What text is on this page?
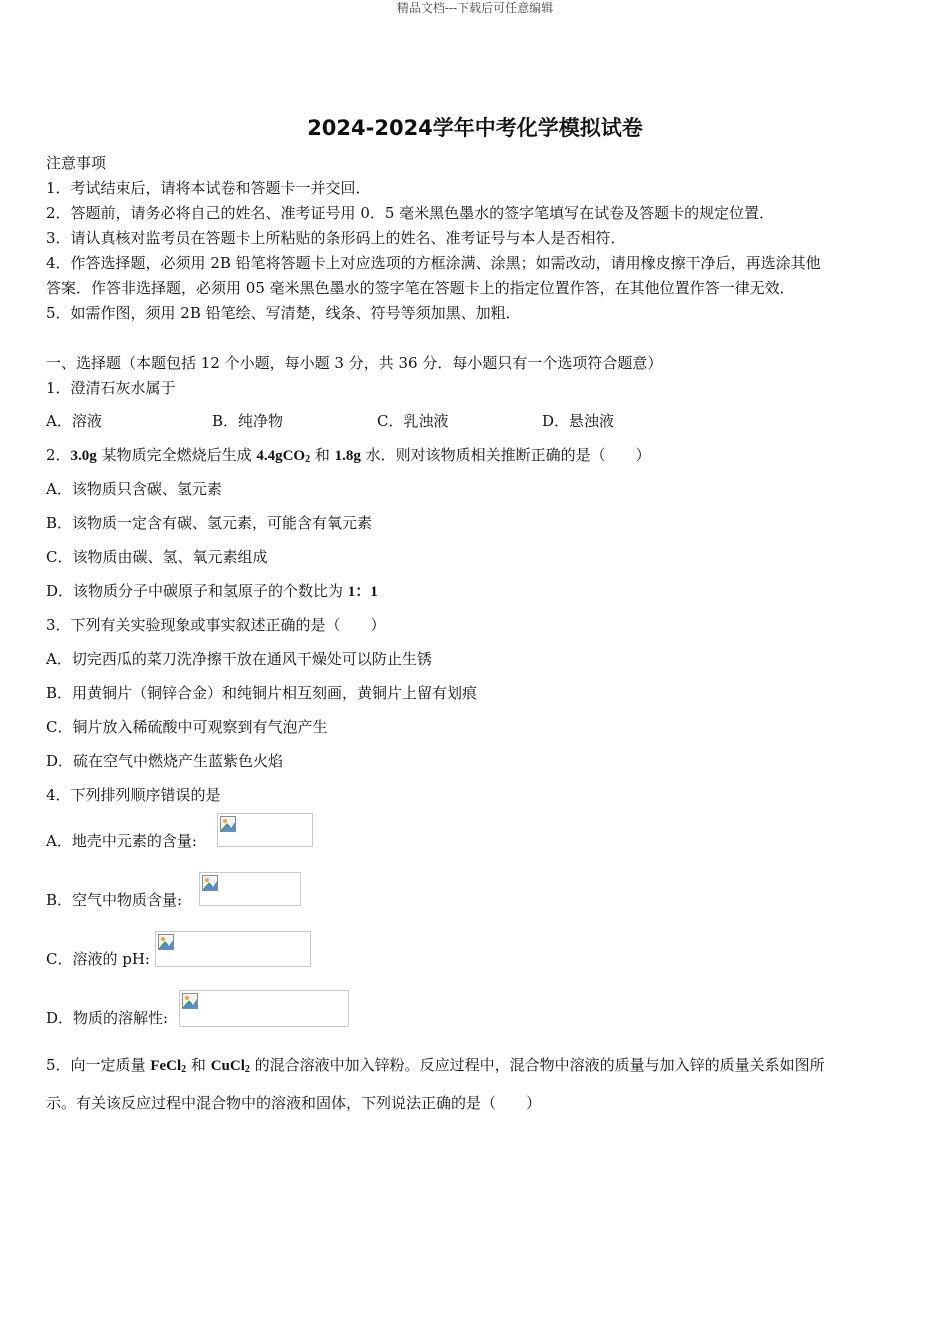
精品文档---下载后可任意编辑
2024-2024学年中考化学模拟试卷
注意事项
1．考试结束后，请将本试卷和答题卡一并交回．
2．答题前，请务必将自己的姓名、准考证号用 0．5 毫米黑色墨水的签字笔填写在试卷及答题卡的规定位置．
3．请认真核对监考员在答题卡上所粘贴的条形码上的姓名、准考证号与本人是否相符．
4．作答选择题，必须用 2B 铅笔将答题卡上对应选项的方框涂满、涂黑；如需改动，请用橡皮擦干净后，再选涂其他
答案．作答非选择题，必须用 05 毫米黑色墨水的签字笔在答题卡上的指定位置作答，在其他位置作答一律无效．
5．如需作图，须用 2B 铅笔绘、写清楚，线条、符号等须加黑、加粗．
一、选择题（本题包括 12 个小题，每小题 3 分，共 36 分．每小题只有一个选项符合题意）
1．澄清石灰水属于
A．溶液	B．纯净物	C．乳浊液	D．悬浊液
2．3.0g 某物质完全燃烧后生成 4.4gCO$_2$ 和 1.8g 水．则对该物质相关推断正确的是（　　）
A．该物质只含碳、氢元素
B．该物质一定含有碳、氢元素，可能含有氧元素
C．该物质由碳、氢、氧元素组成
D．该物质分子中碳原子和氢原子的个数比为 1：1
3．下列有关实验现象或事实叙述正确的是（　　）
A．切完西瓜的菜刀洗净擦干放在通风干燥处可以防止生锈
B．用黄铜片（铜锌合金）和纯铜片相互刻画，黄铜片上留有划痕
C．铜片放入稀硫酸中可观察到有气泡产生
D．硫在空气中燃烧产生蓝紫色火焰
4．下列排列顺序错误的是
A．地壳中元素的含量:
B．空气中物质含量:
C．溶液的 pH:
D．物质的溶解性:
5．向一定质量 FeCl$_2$ 和 CuCl$_2$ 的混合溶液中加入锌粉。反应过程中，混合物中溶液的质量与加入锌的质量关系如图所
示。有关该反应过程中混合物中的溶液和固体，下列说法正确的是（　　）
